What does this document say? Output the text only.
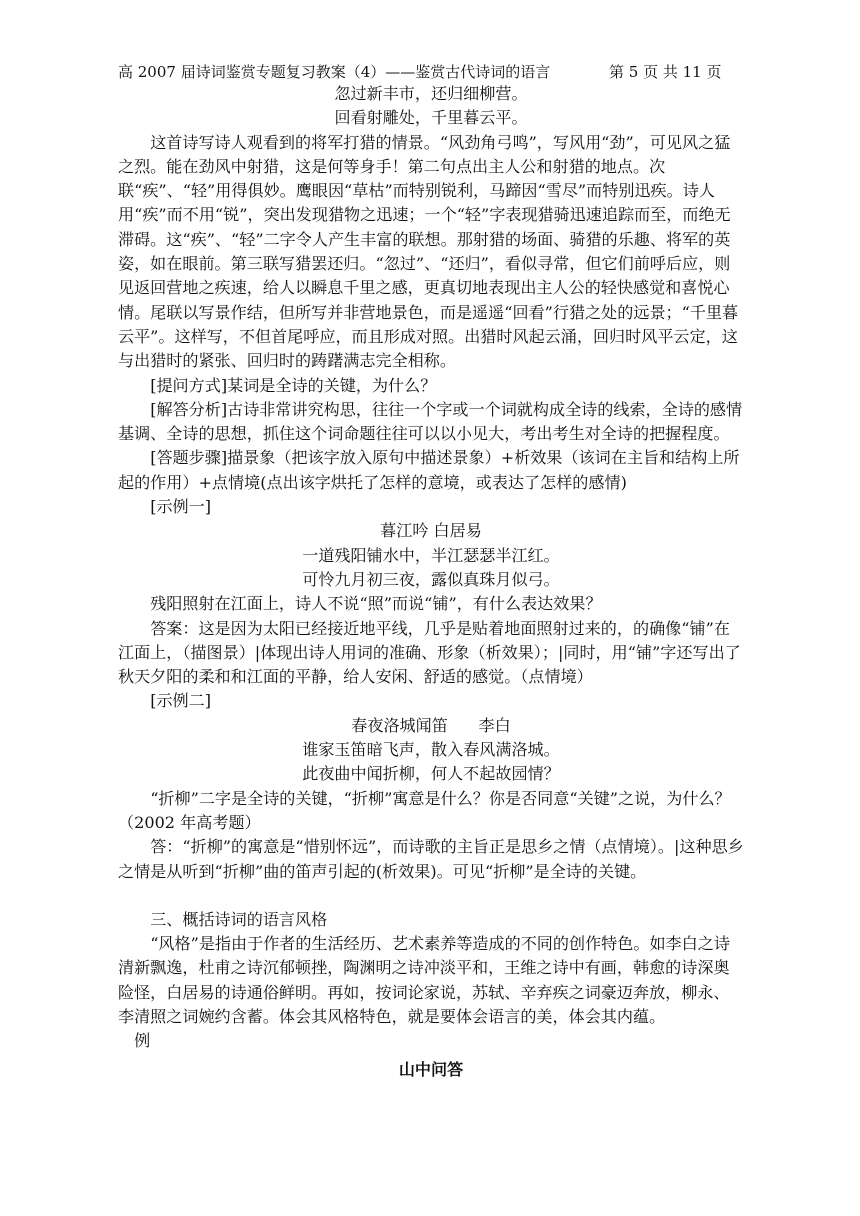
高 2007 届诗词鉴赏专题复习教案（4）——鉴赏古代诗词的语言	第 5 页 共 11 页

忽过新丰市，还归细柳营。

回看射雕处，千里暮云平。

这首诗写诗人观看到的将军打猎的情景。“风劲角弓鸣”，写风用“劲”，可见风之猛之烈。能在劲风中射猎，这是何等身手！第二句点出主人公和射猎的地点。次联“疾”、“轻”用得俱妙。鹰眼因“草枯”而特别锐利，马蹄因“雪尽”而特别迅疾。诗人用“疾”而不用“锐”，突出发现猎物之迅速；一个“轻”字表现猎骑迅速追踪而至，而绝无滞碍。这“疾”、“轻”二字令人产生丰富的联想。那射猎的场面、骑猎的乐趣、将军的英姿，如在眼前。第三联写猎罢还归。“忽过”、“还归”，看似寻常，但它们前呼后应，则见返回营地之疾速，给人以瞬息千里之感，更真切地表现出主人公的轻快感觉和喜悦心情。尾联以写景作结，但所写并非营地景色，而是遥遥“回看”行猎之处的远景；“千里暮云平”。这样写，不但首尾呼应，而且形成对照。出猎时风起云涌，回归时风平云定，这与出猎时的紧张、回归时的踌躇满志完全相称。

[提问方式]某词是全诗的关键，为什么？

[解答分析]古诗非常讲究构思，往往一个字或一个词就构成全诗的线索，全诗的感情基调、全诗的思想，抓住这个词命题往往可以以小见大，考出考生对全诗的把握程度。

[答题步骤]描景象（把该字放入原句中描述景象）+析效果（该词在主旨和结构上所起的作用）+点情境(点出该字烘托了怎样的意境，或表达了怎样的感情)

[示例一]

暮江吟 白居易

一道残阳铺水中，半江瑟瑟半江红。

可怜九月初三夜，露似真珠月似弓。

残阳照射在江面上，诗人不说“照”而说“铺”，有什么表达效果？

答案：这是因为太阳已经接近地平线，几乎是贴着地面照射过来的，的确像“铺”在江面上，（描图景）|体现出诗人用词的准确、形象（析效果）；|同时，用“铺”字还写出了秋天夕阳的柔和和江面的平静，给人安闲、舒适的感觉。（点情境）

[示例二]

春夜洛城闻笛      李白

谁家玉笛暗飞声，散入春风满洛城。

此夜曲中闻折柳，何人不起故园情？

“折柳”二字是全诗的关键，“折柳”寓意是什么？你是否同意“关键”之说，为什么？（2002 年高考题）

答：“折柳”的寓意是“惜别怀远”，而诗歌的主旨正是思乡之情（点情境）。|这种思乡之情是从听到“折柳”曲的笛声引起的(析效果)。可见“折柳”是全诗的关键。

三、概括诗词的语言风格

“风格”是指由于作者的生活经历、艺术素养等造成的不同的创作特色。如李白之诗清新飘逸，杜甫之诗沉郁顿挫，陶渊明之诗冲淡平和，王维之诗中有画，韩愈的诗深奥险怪，白居易的诗通俗鲜明。再如，按词论家说，苏轼、辛弃疾之词豪迈奔放，柳永、李清照之词婉约含蓄。体会其风格特色，就是要体会语言的美，体会其内蕴。

例

山中问答
